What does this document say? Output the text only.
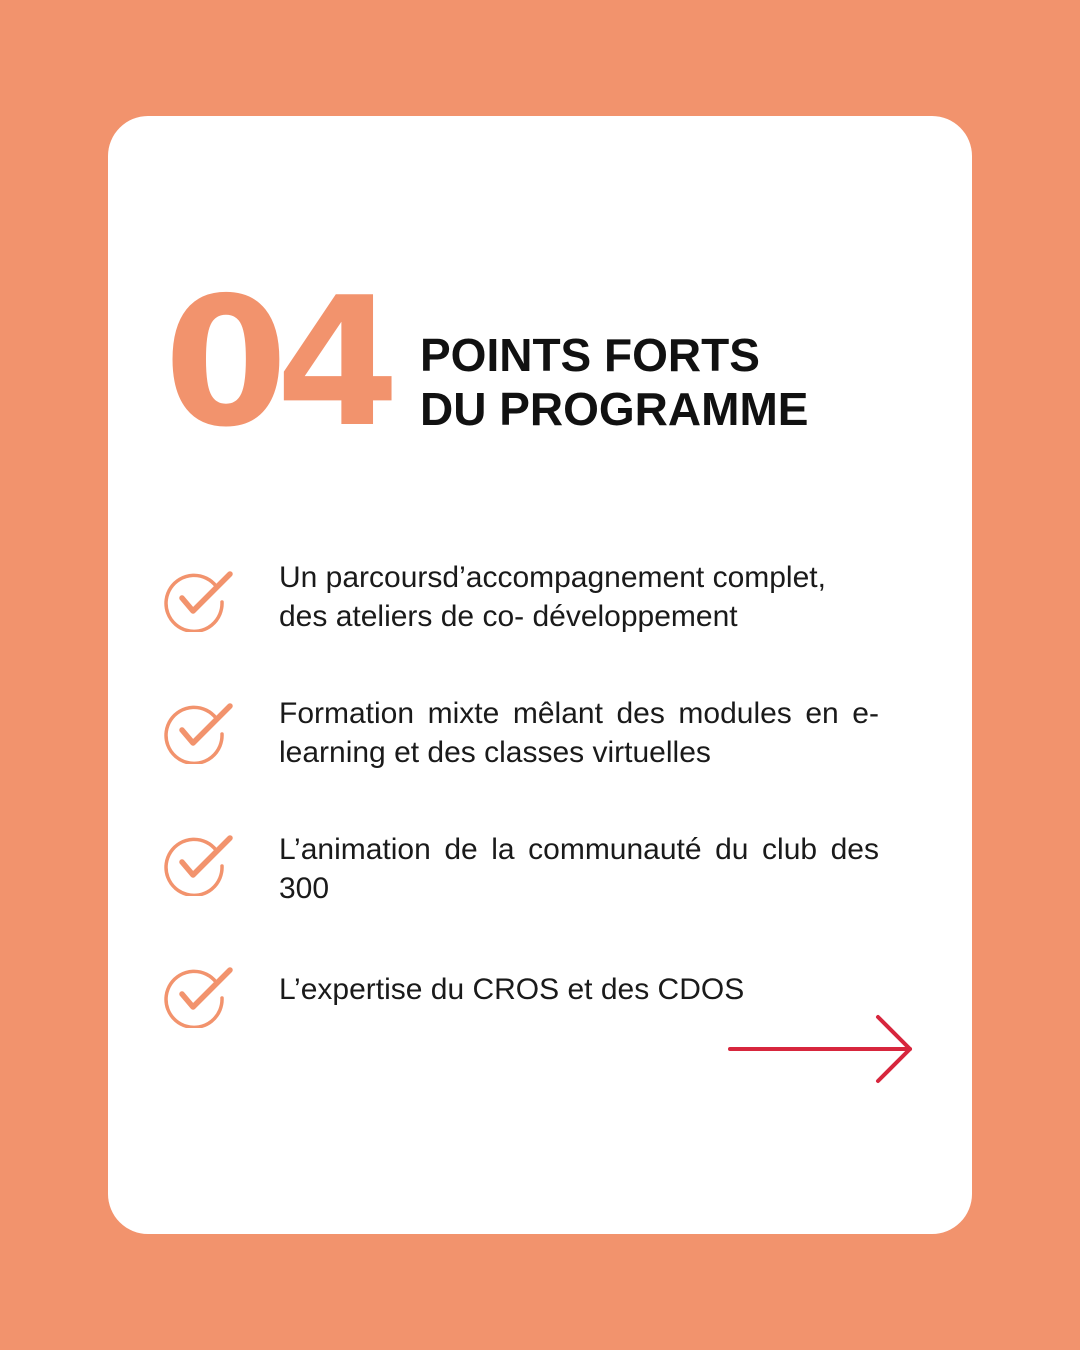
04 POINTS FORTS
DU PROGRAMME
Un parcoursd’accompagnement complet, des ateliers de co- développement
Formation mixte mêlant des modules en e-learning et des classes virtuelles
L’animation de la communauté du club des 300
L’expertise du CROS et des CDOS
